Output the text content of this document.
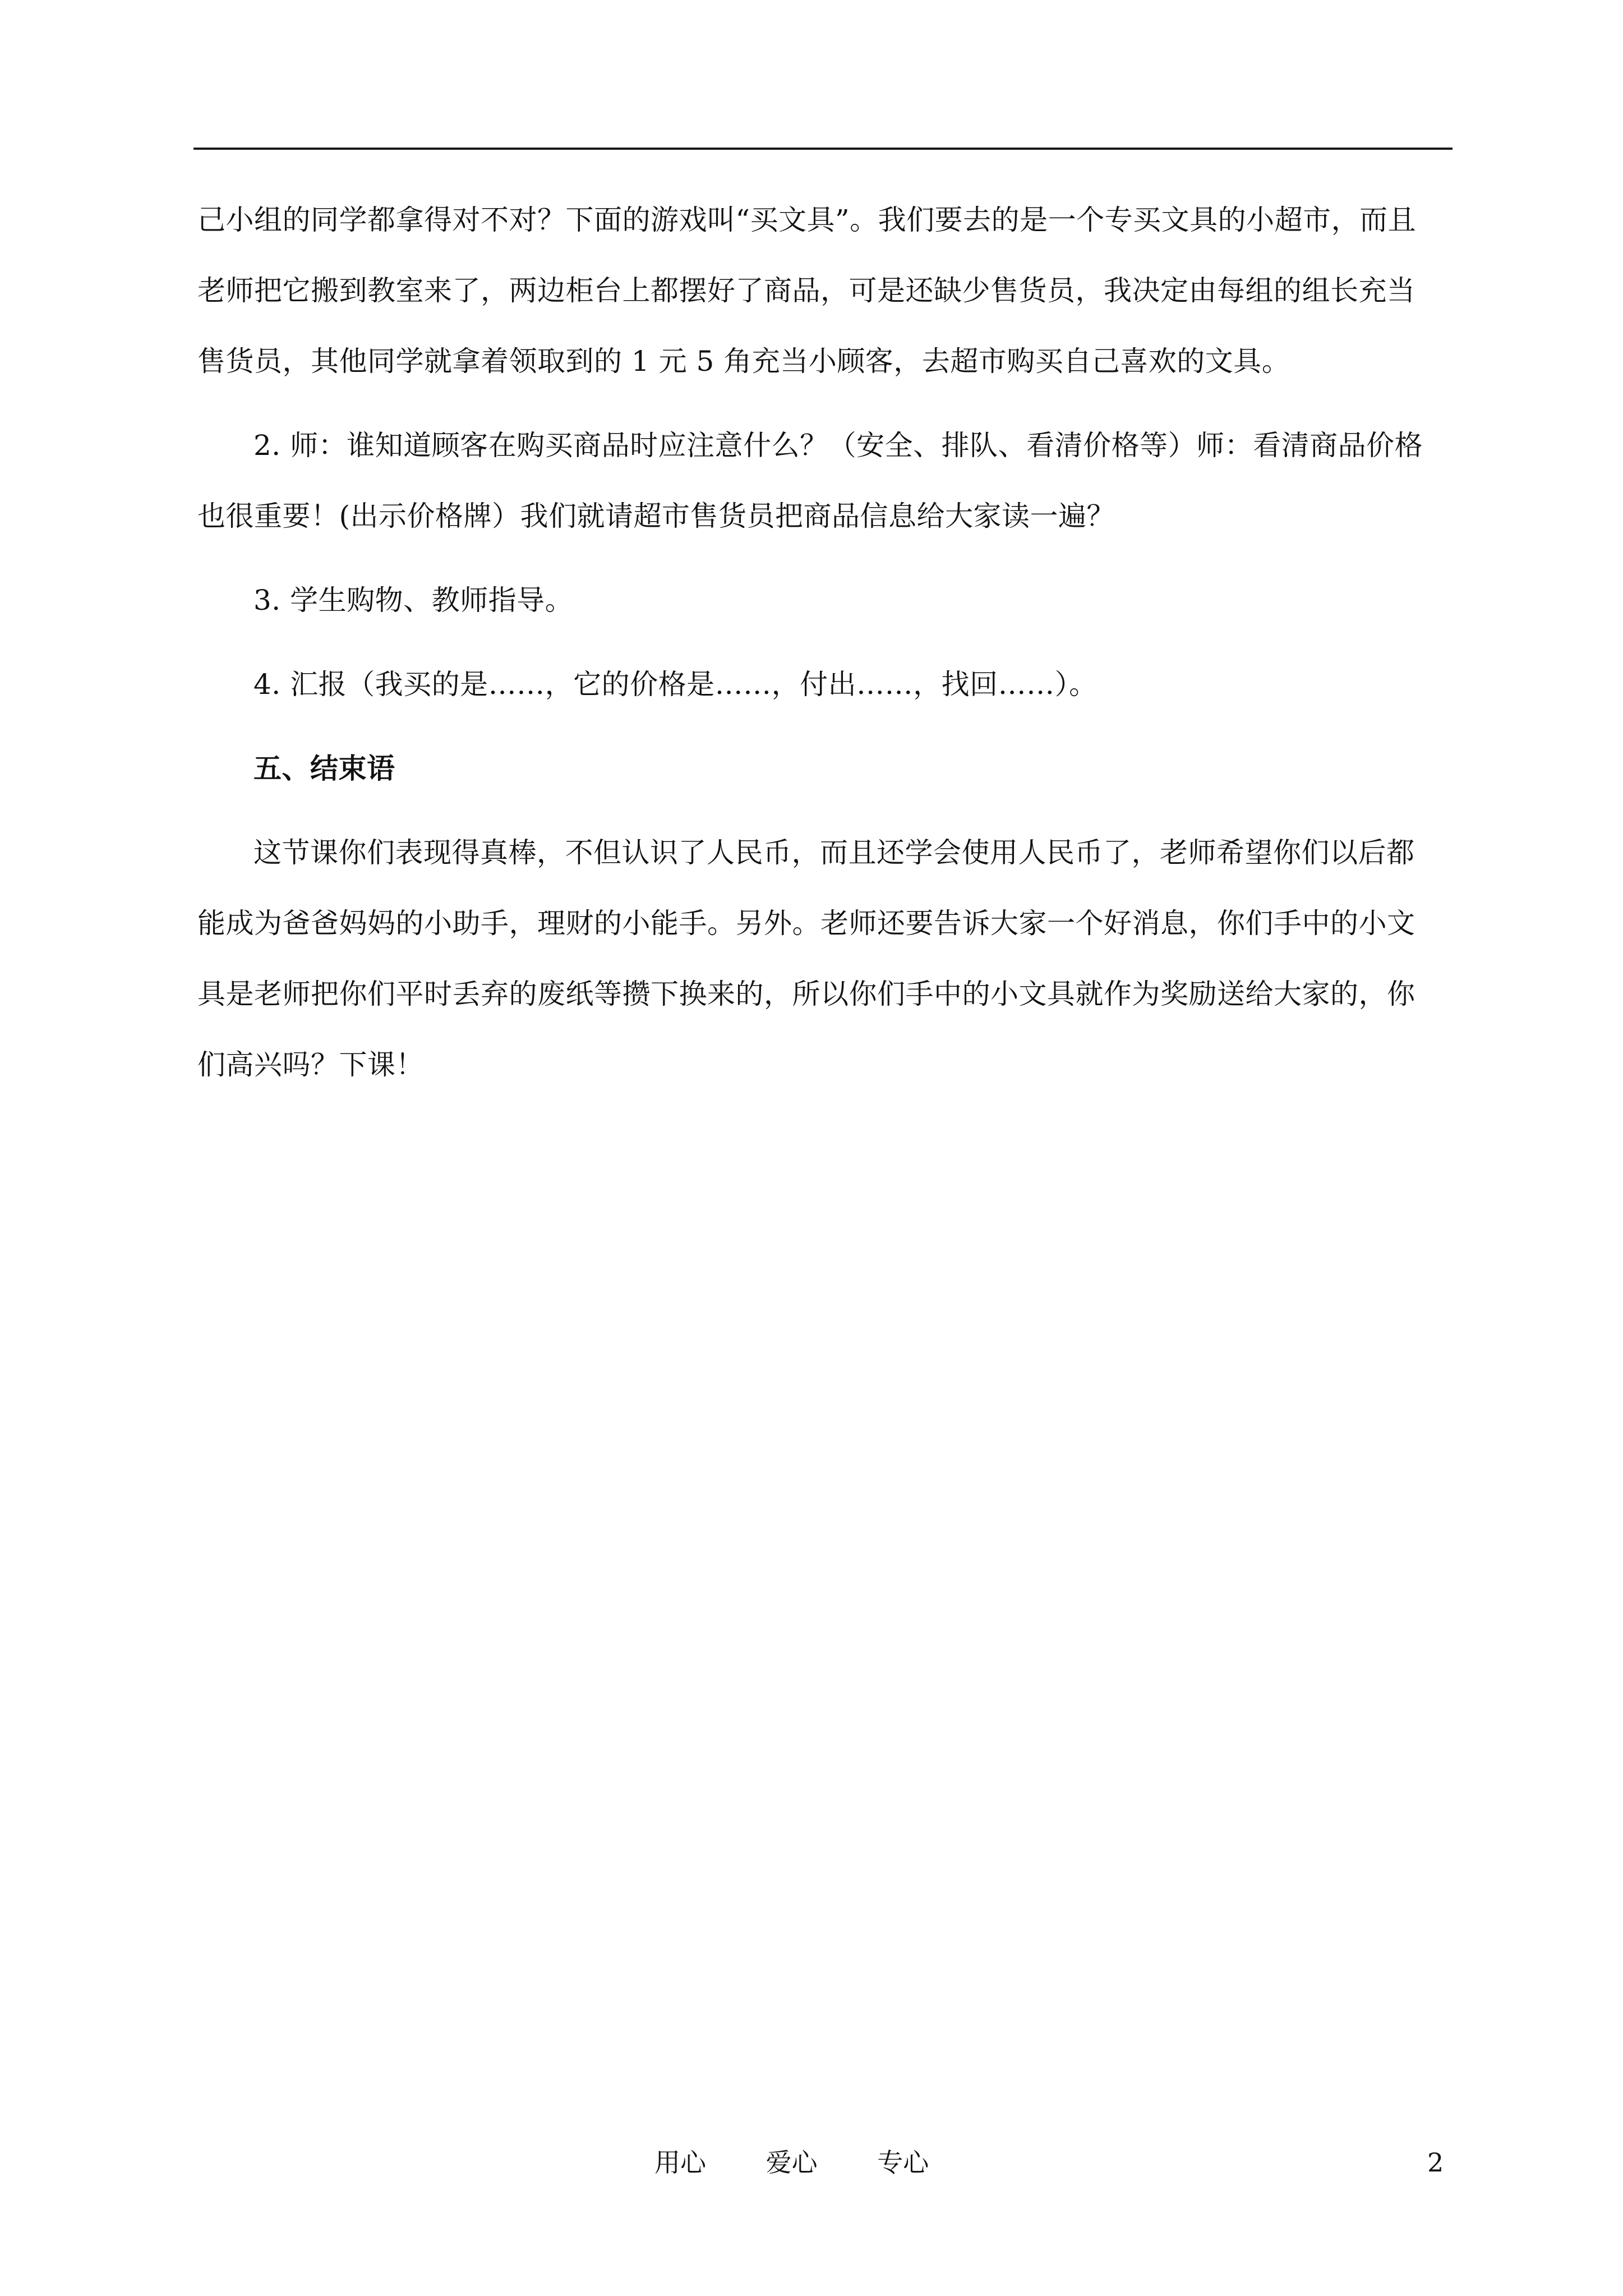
己小组的同学都拿得对不对？下面的游戏叫“买文具”。我们要去的是一个专买文具的小超市，而且
老师把它搬到教室来了，两边柜台上都摆好了商品，可是还缺少售货员，我决定由每组的组长充当
售货员，其他同学就拿着领取到的 1 元 5 角充当小顾客，去超市购买自己喜欢的文具。
2. 师：谁知道顾客在购买商品时应注意什么？（安全、排队、看清价格等）师：看清商品价格
也很重要！(出示价格牌）我们就请超市售货员把商品信息给大家读一遍？
3. 学生购物、教师指导。
4. 汇报（我买的是……，它的价格是……，付出……，找回……）。
五、结束语
这节课你们表现得真棒，不但认识了人民币，而且还学会使用人民币了，老师希望你们以后都
能成为爸爸妈妈的小助手，理财的小能手。另外。老师还要告诉大家一个好消息，你们手中的小文
具是老师把你们平时丢弃的废纸等攒下换来的，所以你们手中的小文具就作为奖励送给大家的，你
们高兴吗？下课！
用心 爱心 专心	2
